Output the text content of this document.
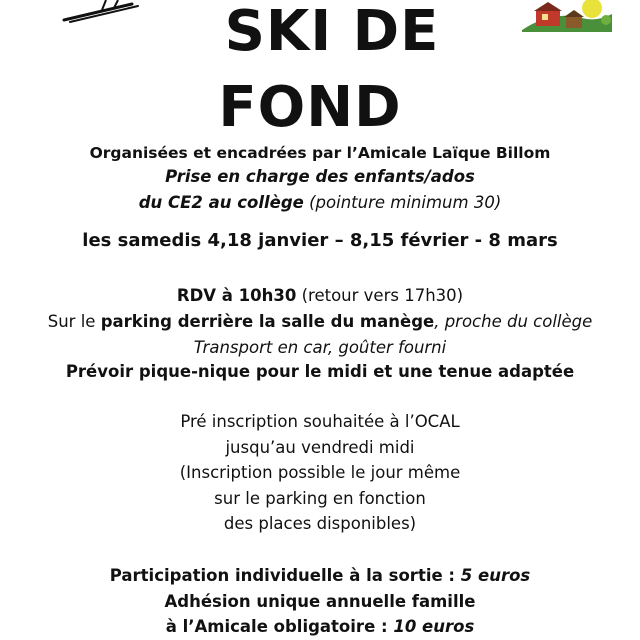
SKI DE
FOND
Organisées et encadrées par l’Amicale Laïque Billom
Prise en charge des enfants/ados
du CE2 au collège (pointure minimum 30)
les samedis 4,18 janvier – 8,15 février - 8 mars
RDV à 10h30 (retour vers 17h30)
Sur le parking derrière la salle du manège, proche du collège
Transport en car, goûter fourni
Prévoir pique-nique pour le midi et une tenue adaptée
Pré inscription souhaitée à l’OCAL
jusqu’au vendredi midi
(Inscription possible le jour même
sur le parking en fonction
des places disponibles)
Participation individuelle à la sortie : 5 euros
Adhésion unique annuelle famille
à l’Amicale obligatoire : 10 euros
